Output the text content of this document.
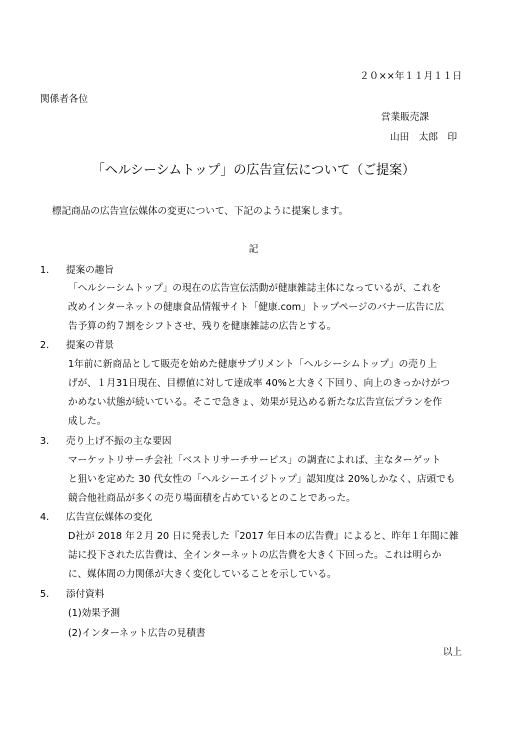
２０××年１１月１１日
関係者各位
営業販売課
山田　太郎　印
「ヘルシーシムトップ」の広告宣伝について（ご提案）
標記商品の広告宣伝媒体の変更について、下記のように提案します。
記
1. 提案の趣旨
「ヘルシーシムトップ」の現在の広告宣伝活動が健康雑誌主体になっているが、これを
改めインターネットの健康食品情報サイト「健康.com」トップページのバナー広告に広
告予算の約７割をシフトさせ、残りを健康雑誌の広告とする。
2. 提案の背景
1年前に新商品として販売を始めた健康サプリメント「ヘルシーシムトップ」の売り上
げが、１月31日現在、目標値に対して達成率 40%と大きく下回り、向上のきっかけがつ
かめない状態が続いている。そこで急きょ、効果が見込める新たな広告宣伝プランを作
成した。
3. 売り上げ不振の主な要因
マーケットリサーチ会社「ベストリサーチサービス」の調査によれば、主なターゲット
と狙いを定めた 30 代女性の「ヘルシーエイジトップ」認知度は 20%しかなく、店頭でも
競合他社商品が多くの売り場面積を占めているとのことであった。
4. 広告宣伝媒体の変化
D社が 2018 年２月 20 日に発表した『2017 年日本の広告費』によると、昨年１年間に雑
誌に投下された広告費は、全インターネットの広告費を大きく下回った。これは明らか
に、媒体間の力関係が大きく変化していることを示している。
5. 添付資料
(1)効果予測
(2)インターネット広告の見積書
以上
